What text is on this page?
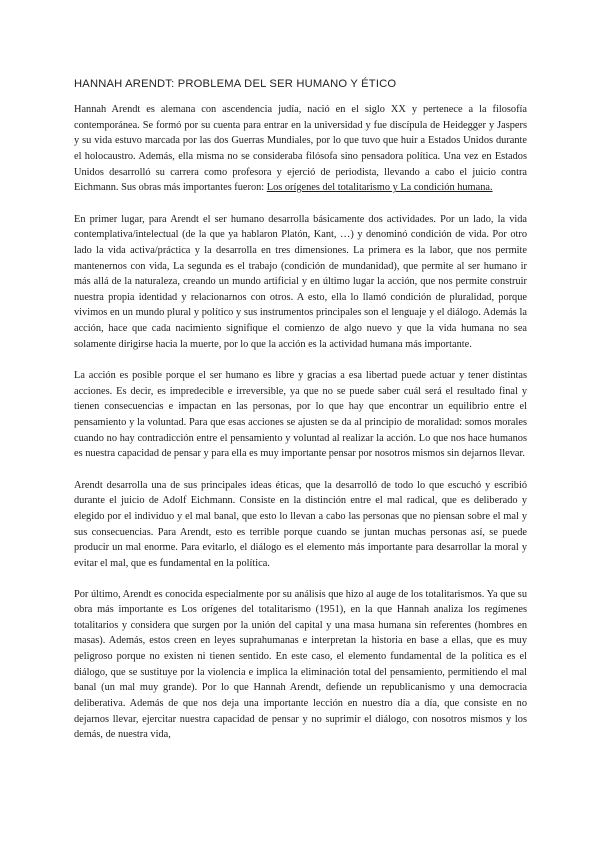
HANNAH ARENDT: PROBLEMA DEL SER HUMANO Y ÉTICO

Hannah Arendt es alemana con ascendencia judía, nació en el siglo XX y pertenece a la filosofía contemporánea. Se formó por su cuenta para entrar en la universidad y fue discípula de Heidegger y Jaspers y su vida estuvo marcada por las dos Guerras Mundiales, por lo que tuvo que huir a Estados Unidos durante el holocaustro. Además, ella misma no se consideraba filósofa sino pensadora política. Una vez en Estados Unidos desarrolló su carrera como profesora y ejerció de periodista, llevando a cabo el juicio contra Eichmann. Sus obras más importantes fueron: Los orígenes del totalitarismo y La condición humana.

En primer lugar, para Arendt el ser humano desarrolla básicamente dos actividades. Por un lado, la vida contemplativa/intelectual (de la que ya hablaron Platón, Kant, …) y denominó condición de vida. Por otro lado la vida activa/práctica y la desarrolla en tres dimensiones. La primera es la labor, que nos permite mantenernos con vida, La segunda es el trabajo (condición de mundanidad), que permite al ser humano ir más allá de la naturaleza, creando un mundo artificial y en último lugar la acción, que nos permite construir nuestra propia identidad y relacionarnos con otros. A esto, ella lo llamó condición de pluralidad, porque vivimos en un mundo plural y político y sus instrumentos principales son el lenguaje y el diálogo. Además la acción, hace que cada nacimiento signifique el comienzo de algo nuevo y que la vida humana no sea solamente dirigirse hacia la muerte, por lo que la acción es la actividad humana más importante.

La acción es posible porque el ser humano es libre y gracias a esa libertad puede actuar y tener distintas acciones. Es decir, es impredecible e irreversible, ya que no se puede saber cuál será el resultado final y tienen consecuencias e impactan en las personas, por lo que hay que encontrar un equilibrio entre el pensamiento y la voluntad. Para que esas acciones se ajusten se da al principio de moralidad: somos morales cuando no hay contradicción entre el pensamiento y voluntad al realizar la acción. Lo que nos hace humanos es nuestra capacidad de pensar y para ella es muy importante pensar por nosotros mismos sin dejarnos llevar.

Arendt desarrolla una de sus principales ideas éticas, que la desarrolló de todo lo que escuchó y escribió durante el juicio de Adolf Eichmann. Consiste en la distinción entre el mal radical, que es deliberado y elegido por el individuo y el mal banal, que esto lo llevan a cabo las personas que no piensan sobre el mal y sus consecuencias. Para Arendt, esto es terrible porque cuando se juntan muchas personas así, se puede producir un mal enorme. Para evitarlo, el diálogo es el elemento más importante para desarrollar la moral y evitar el mal, que es fundamental en la política.

Por último, Arendt es conocida especialmente por su análisis que hizo al auge de los totalitarismos. Ya que su obra más importante es Los orígenes del totalitarismo (1951), en la que Hannah analiza los regímenes totalitarios y considera que surgen por la unión del capital y una masa humana sin referentes (hombres en masas). Además, estos creen en leyes suprahumanas e interpretan la historia en base a ellas, que es muy peligroso porque no existen ni tienen sentido. En este caso, el elemento fundamental de la política es el diálogo, que se sustituye por la violencia e implica la eliminación total del pensamiento, permitiendo el mal banal (un mal muy grande). Por lo que Hannah Arendt, defiende un republicanismo y una democracia deliberativa. Además de que nos deja una importante lección en nuestro día a día, que consiste en no dejarnos llevar, ejercitar nuestra capacidad de pensar y no suprimir el diálogo, con nosotros mismos y los demás, de nuestra vida,
